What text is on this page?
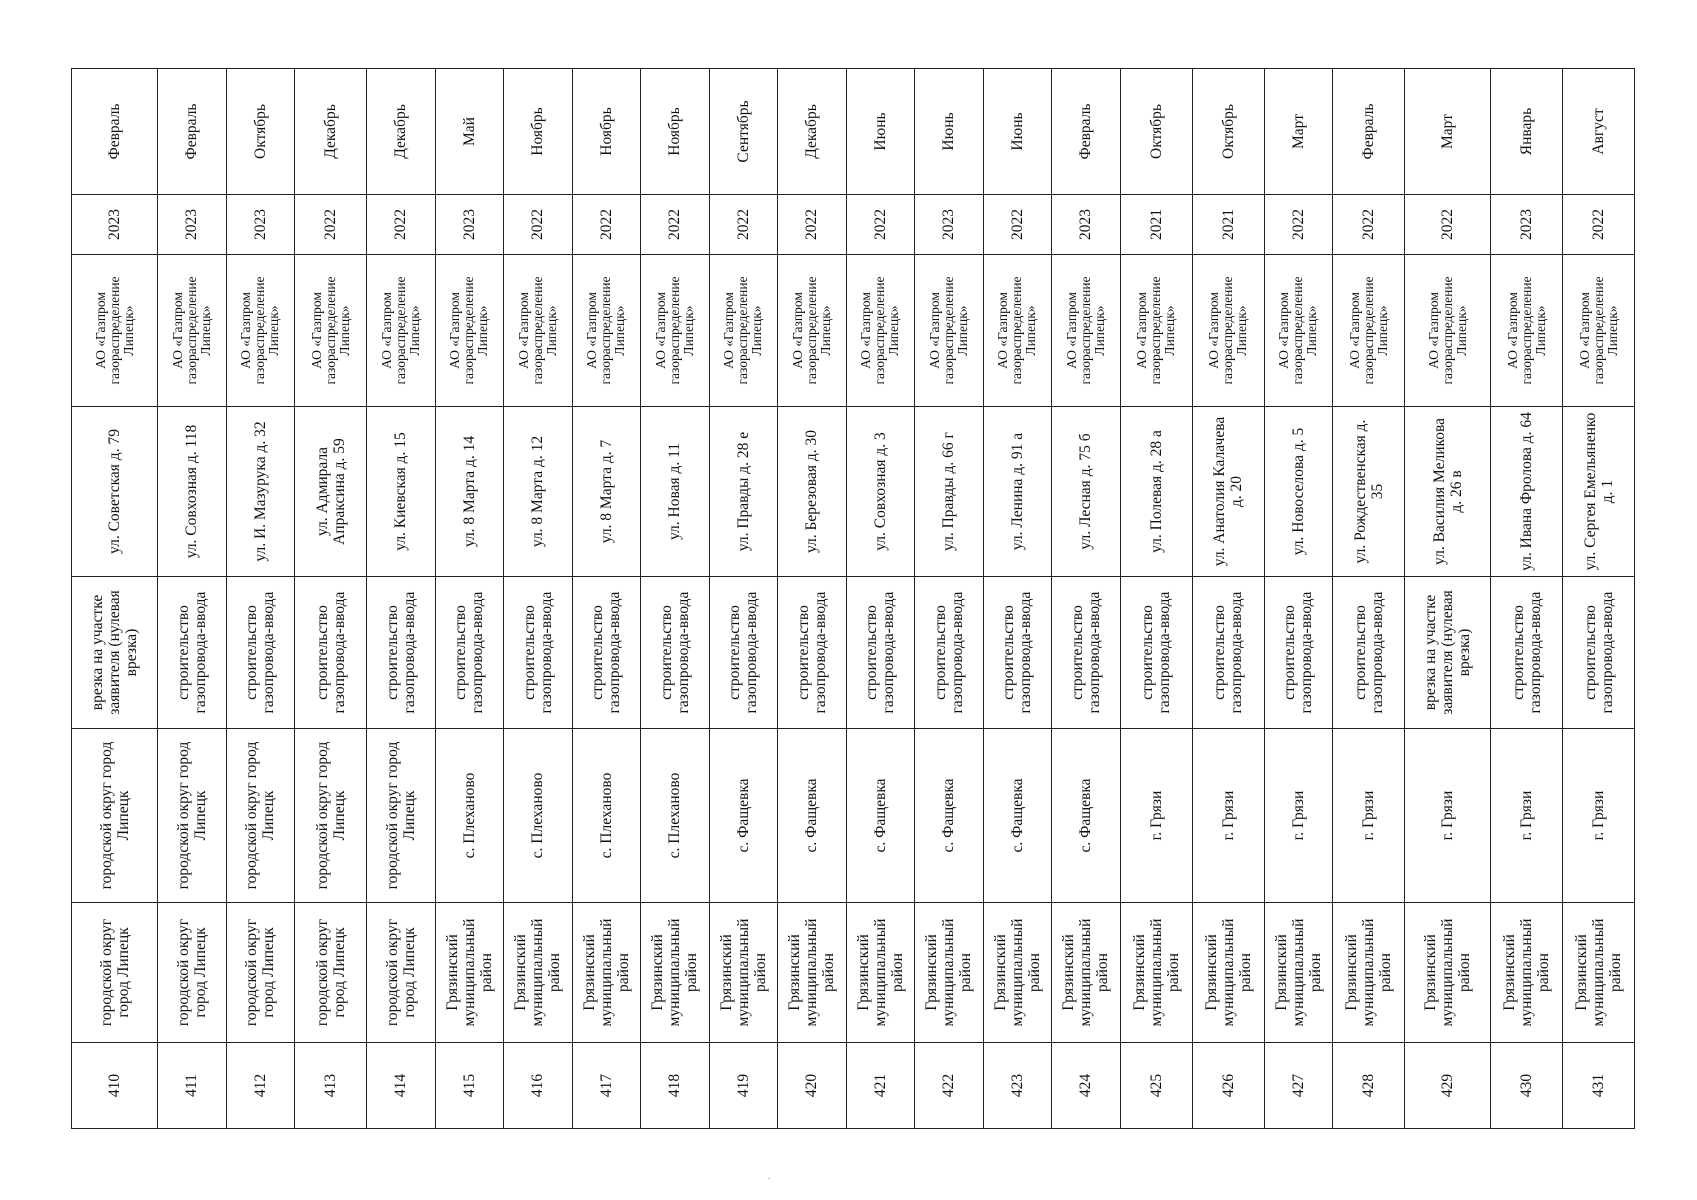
410	городской округ город Липецк	городской округ город Липецк	врезка на участке заявителя (нулевая врезка)	ул. Советская д. 79	АО «Газпром газораспределение Липецк»	2023	Февраль
411	городской округ город Липецк	городской округ город Липецк	строительство газопровода-ввода	ул. Совхозная д. 118	АО «Газпром газораспределение Липецк»	2023	Февраль
412	городской округ город Липецк	городской округ город Липецк	строительство газопровода-ввода	ул. И. Мазурука д. 32	АО «Газпром газораспределение Липецк»	2023	Октябрь
413	городской округ город Липецк	городской округ город Липецк	строительство газопровода-ввода	ул. Адмирала Апраксина д. 59	АО «Газпром газораспределение Липецк»	2022	Декабрь
414	городской округ город Липецк	городской округ город Липецк	строительство газопровода-ввода	ул. Киевская д. 15	АО «Газпром газораспределение Липецк»	2022	Декабрь
415	Грязинский муниципальный район	с. Плеханово	строительство газопровода-ввода	ул. 8 Марта д. 14	АО «Газпром газораспределение Липецк»	2023	Май
416	Грязинский муниципальный район	с. Плеханово	строительство газопровода-ввода	ул. 8 Марта д. 12	АО «Газпром газораспределение Липецк»	2022	Ноябрь
417	Грязинский муниципальный район	с. Плеханово	строительство газопровода-ввода	ул. 8 Марта д. 7	АО «Газпром газораспределение Липецк»	2022	Ноябрь
418	Грязинский муниципальный район	с. Плеханово	строительство газопровода-ввода	ул. Новая д. 11	АО «Газпром газораспределение Липецк»	2022	Ноябрь
419	Грязинский муниципальный район	с. Фащевка	строительство газопровода-ввода	ул. Правды д. 28 е	АО «Газпром газораспределение Липецк»	2022	Сентябрь
420	Грязинский муниципальный район	с. Фащевка	строительство газопровода-ввода	ул. Березовая д. 30	АО «Газпром газораспределение Липецк»	2022	Декабрь
421	Грязинский муниципальный район	с. Фащевка	строительство газопровода-ввода	ул. Совхозная д. 3	АО «Газпром газораспределение Липецк»	2022	Июнь
422	Грязинский муниципальный район	с. Фащевка	строительство газопровода-ввода	ул. Правды д. 66 г	АО «Газпром газораспределение Липецк»	2023	Июнь
423	Грязинский муниципальный район	с. Фащевка	строительство газопровода-ввода	ул. Ленина д. 91 а	АО «Газпром газораспределение Липецк»	2022	Июнь
424	Грязинский муниципальный район	с. Фащевка	строительство газопровода-ввода	ул. Лесная д. 75 б	АО «Газпром газораспределение Липецк»	2023	Февраль
425	Грязинский муниципальный район	г. Грязи	строительство газопровода-ввода	ул. Полевая д. 28 а	АО «Газпром газораспределение Липецк»	2021	Октябрь
426	Грязинский муниципальный район	г. Грязи	строительство газопровода-ввода	ул. Анатолия Калачева д. 20	АО «Газпром газораспределение Липецк»	2021	Октябрь
427	Грязинский муниципальный район	г. Грязи	строительство газопровода-ввода	ул. Новоселова д. 5	АО «Газпром газораспределение Липецк»	2022	Март
428	Грязинский муниципальный район	г. Грязи	строительство газопровода-ввода	ул. Рождественская д. 35	АО «Газпром газораспределение Липецк»	2022	Февраль
429	Грязинский муниципальный район	г. Грязи	врезка на участке заявителя (нулевая врезка)	ул. Василия Меликова д. 26 в	АО «Газпром газораспределение Липецк»	2022	Март
430	Грязинский муниципальный район	г. Грязи	строительство газопровода-ввода	ул. Ивана Фролова д. 64	АО «Газпром газораспределение Липецк»	2023	Январь
431	Грязинский муниципальный район	г. Грязи	строительство газопровода-ввода	ул. Сергея Емельяненко д. 1	АО «Газпром газораспределение Липецк»	2022	Август
